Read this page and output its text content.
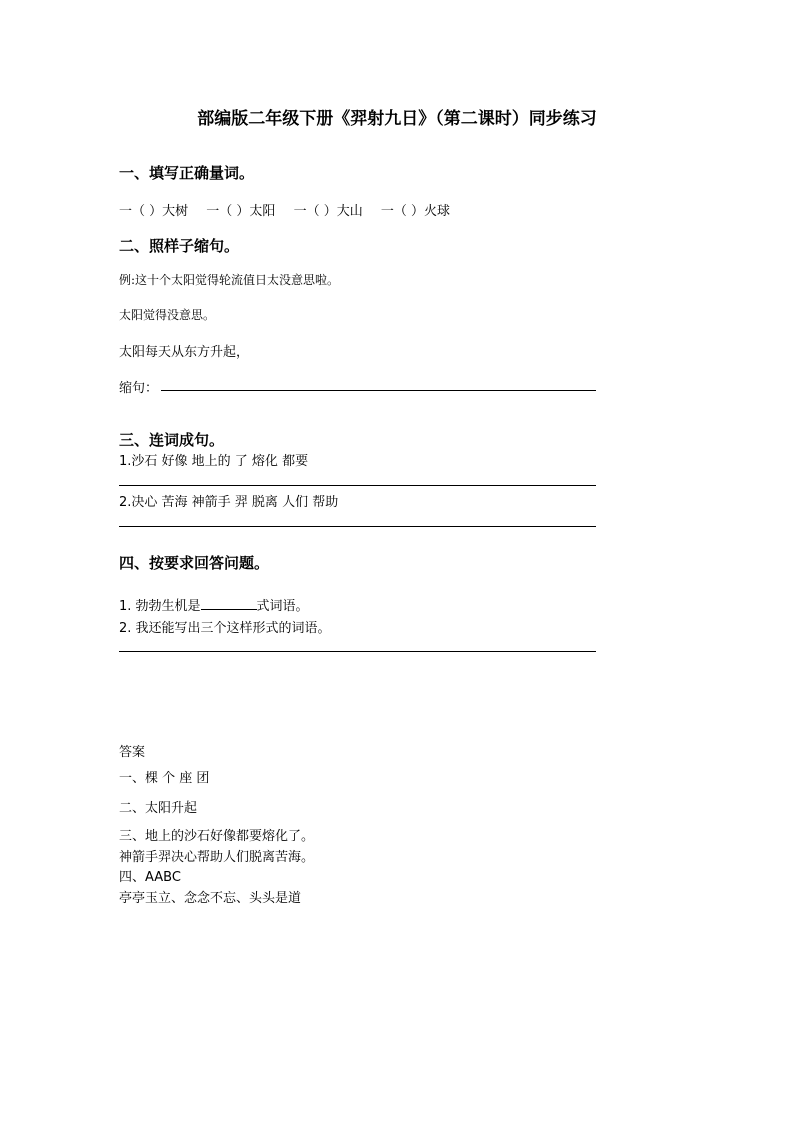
部编版二年级下册《羿射九日》（第二课时）同步练习
一、填写正确量词。
一（ ）大树 一（ ）太阳 一（ ）大山 一（ ）火球
二、照样子缩句。
例:这十个太阳觉得轮流值日太没意思啦。
太阳觉得没意思。
太阳每天从东方升起，
缩句：
三、连词成句。
1.沙石 好像 地上的 了 熔化 都要
2.决心 苦海 神箭手 羿 脱离 人们 帮助
四、按要求回答问题。
1. 勃勃生机是	式词语。
2. 我还能写出三个这样形式的词语。
答案
一、棵 个 座 团
二、太阳升起
三、地上的沙石好像都要熔化了。
神箭手羿决心帮助人们脱离苦海。
四、AABC
亭亭玉立、念念不忘、头头是道
